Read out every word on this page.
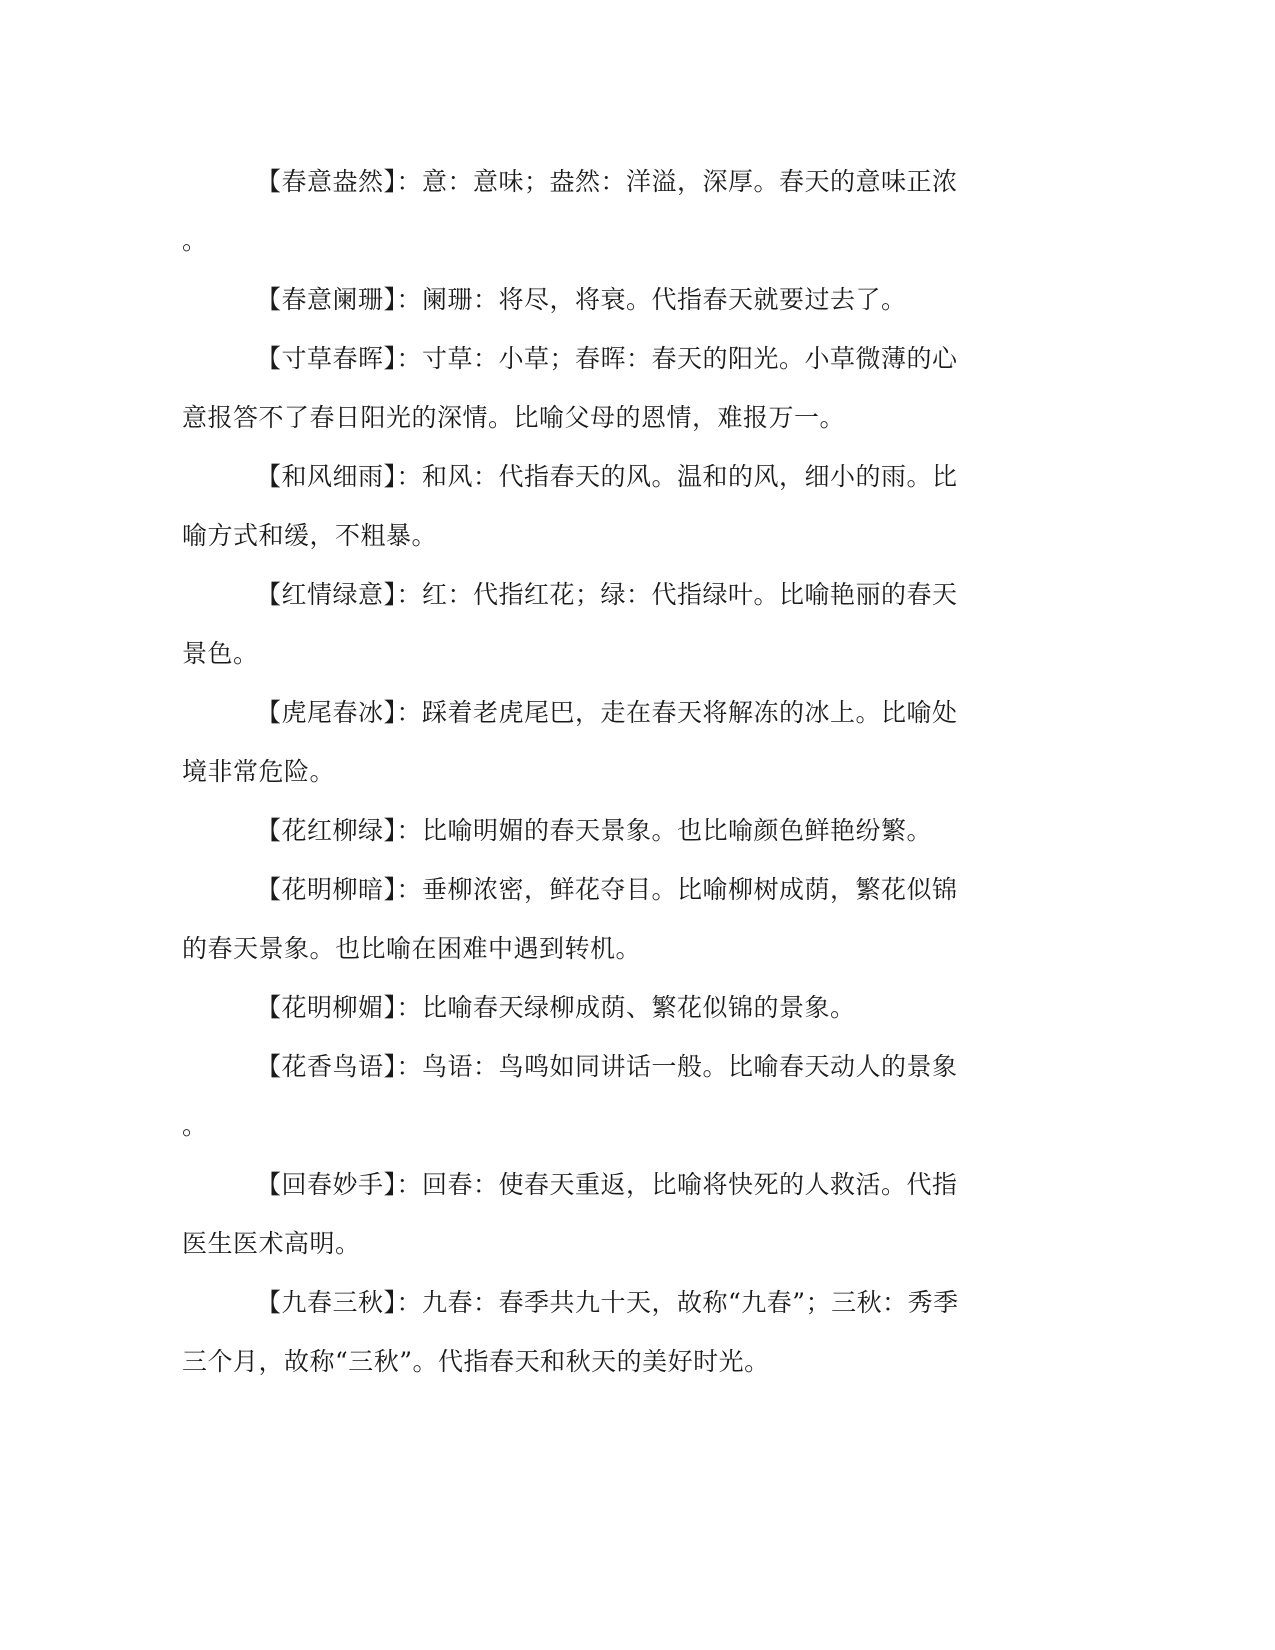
【春意盎然】：意：意味；盎然：洋溢，深厚。春天的意味正浓
。
【春意阑珊】：阑珊：将尽，将衰。代指春天就要过去了。
【寸草春晖】：寸草：小草；春晖：春天的阳光。小草微薄的心
意报答不了春日阳光的深情。比喻父母的恩情，难报万一。
【和风细雨】：和风：代指春天的风。温和的风，细小的雨。比
喻方式和缓，不粗暴。
【红情绿意】：红：代指红花；绿：代指绿叶。比喻艳丽的春天
景色。
【虎尾春冰】：踩着老虎尾巴，走在春天将解冻的冰上。比喻处
境非常危险。
【花红柳绿】：比喻明媚的春天景象。也比喻颜色鲜艳纷繁。
【花明柳暗】：垂柳浓密，鲜花夺目。比喻柳树成荫，繁花似锦
的春天景象。也比喻在困难中遇到转机。
【花明柳媚】：比喻春天绿柳成荫、繁花似锦的景象。
【花香鸟语】：鸟语：鸟鸣如同讲话一般。比喻春天动人的景象
。
【回春妙手】：回春：使春天重返，比喻将快死的人救活。代指
医生医术高明。
【九春三秋】：九春：春季共九十天，故称“九春”；三秋：秀季
三个月，故称“三秋”。代指春天和秋天的美好时光。
